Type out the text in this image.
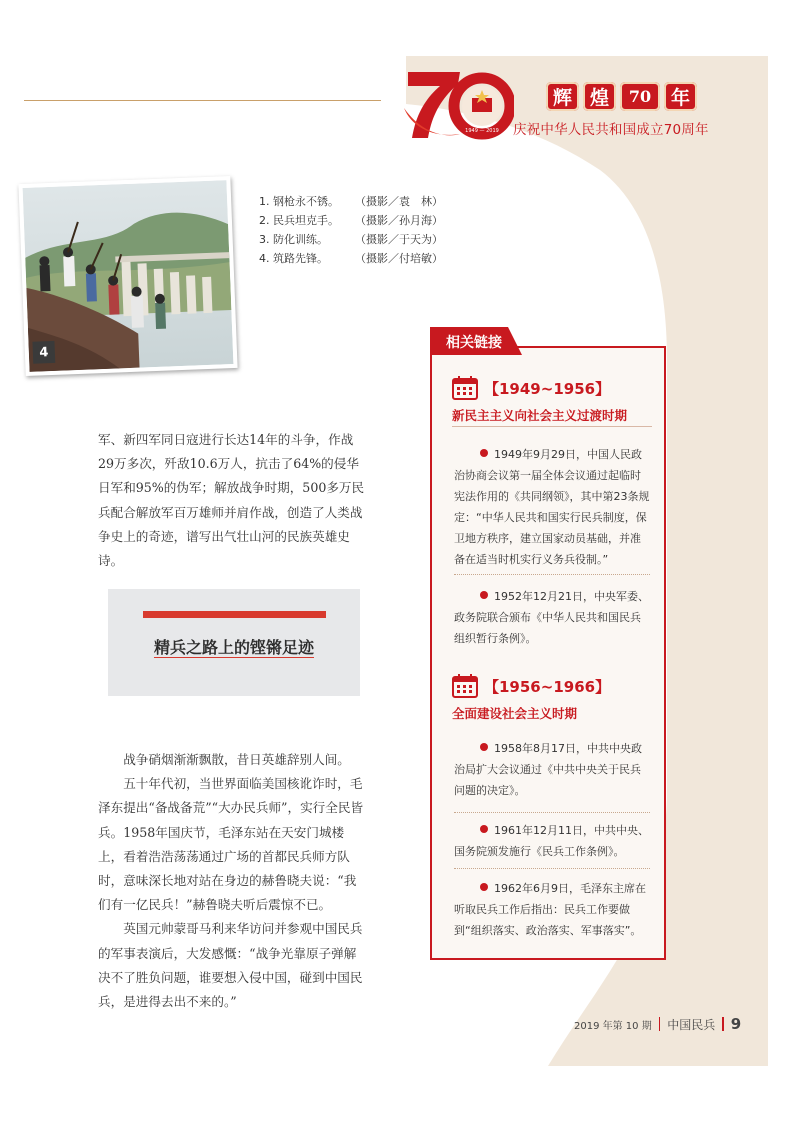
1949 — 2019
辉 煌	70	年
庆祝中华人民共和国成立70周年
4
1. 钢枪永不锈。	（摄影／袁　林）
2. 民兵坦克手。	（摄影／孙月海）
3. 防化训练。	（摄影／于天为）
4. 筑路先锋。	（摄影／付培敏）
军、新四军同日寇进行长达14年的斗争，作战29万多次，歼敌10.6万人，抗击了64%的侵华日军和95%的伪军；解放战争时期，500多万民兵配合解放军百万雄师并肩作战，创造了人类战争史上的奇迹，谱写出气壮山河的民族英雄史诗。
精兵之路上的铿锵足迹

战争硝烟渐渐飘散，昔日英雄辞别人间。

五十年代初，当世界面临美国核讹诈时，毛泽东提出“备战备荒”“大办民兵师”，实行全民皆兵。1958年国庆节，毛泽东站在天安门城楼上，看着浩浩荡荡通过广场的首都民兵师方队时，意味深长地对站在身边的赫鲁晓夫说：“我们有一亿民兵！”赫鲁晓夫听后震惊不已。

英国元帅蒙哥马利来华访问并参观中国民兵的军事表演后，大发感慨：“战争光靠原子弹解决不了胜负问题，谁要想入侵中国，碰到中国民兵，是进得去出不来的。”

【1949~1956】
新民主主义向社会主义过渡时期
1949年9月29日，中国人民政治协商会议第一届全体会议通过起临时宪法作用的《共同纲领》，其中第23条规定：“中华人民共和国实行民兵制度，保卫地方秩序，建立国家动员基础，并准备在适当时机实行义务兵役制。”
1952年12月21日，中央军委、政务院联合颁布《中华人民共和国民兵组织暂行条例》。
【1956~1966】
全面建设社会主义时期
1958年8月17日，中共中央政治局扩大会议通过《中共中央关于民兵问题的决定》。
1961年12月11日，中共中央、国务院颁发施行《民兵工作条例》。
1962年6月9日，毛泽东主席在听取民兵工作后指出：民兵工作要做到“组织落实、政治落实、军事落实”。
相关链接
2019 年第 10 期 中国民兵 9
